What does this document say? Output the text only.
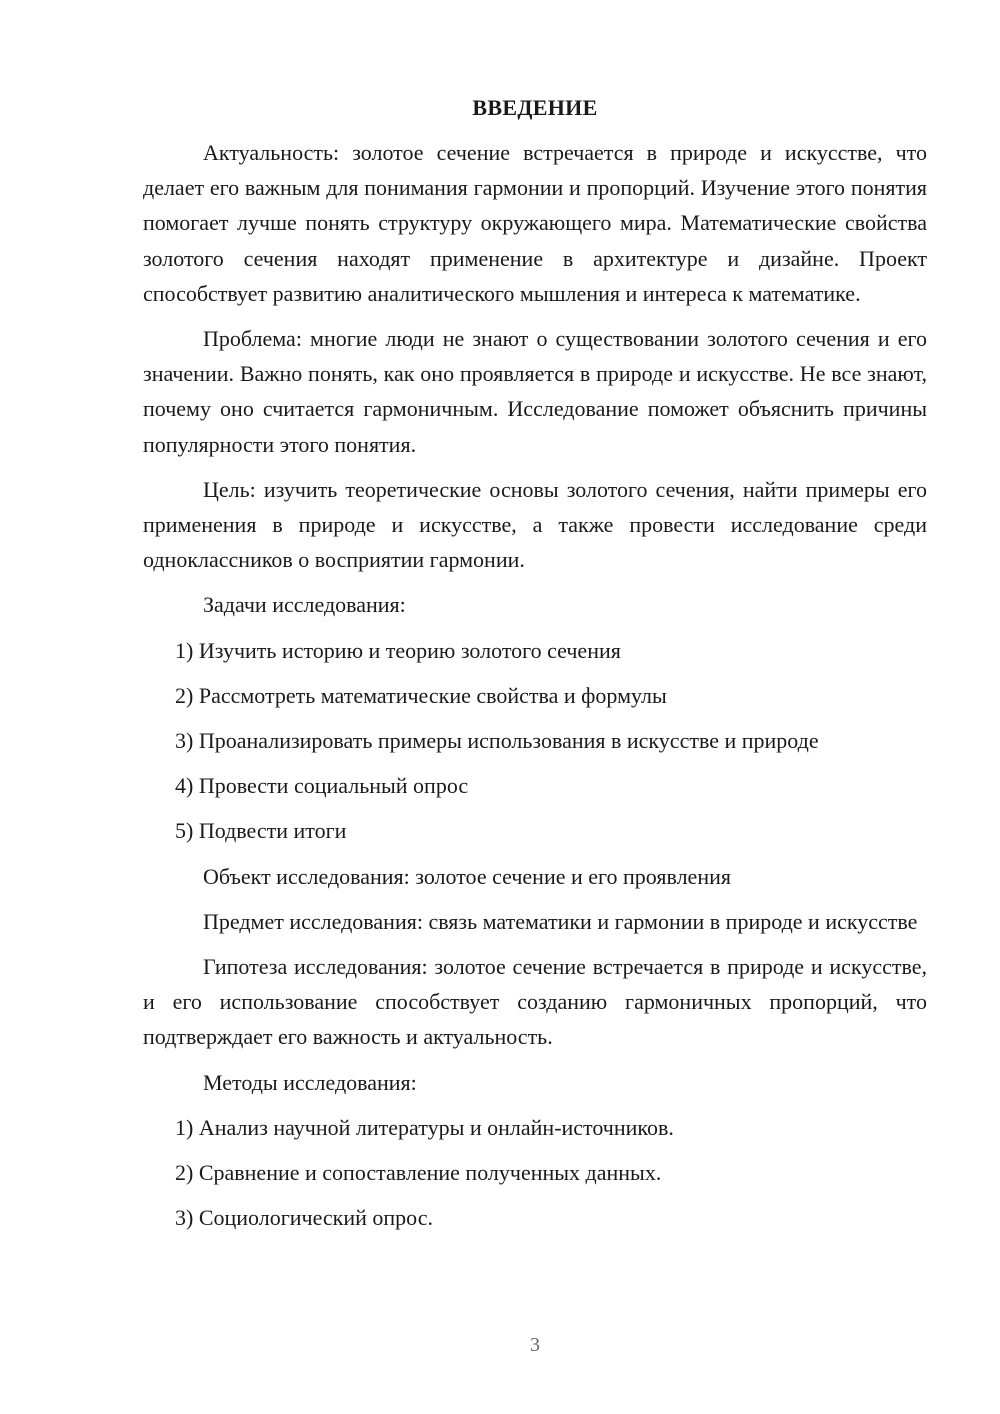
ВВЕДЕНИЕ

Актуальность: золотое сечение встречается в природе и искусстве, что делает его важным для понимания гармонии и пропорций. Изучение этого понятия помогает лучше понять структуру окружающего мира. Математические свойства золотого сечения находят применение в архитектуре и дизайне. Проект способствует развитию аналитического мышления и интереса к математике.

Проблема: многие люди не знают о существовании золотого сечения и его значении. Важно понять, как оно проявляется в природе и искусстве. Не все знают, почему оно считается гармоничным. Исследование поможет объяснить причины популярности этого понятия.

Цель: изучить теоретические основы золотого сечения, найти примеры его применения в природе и искусстве, а также провести исследование среди одноклассников о восприятии гармонии.

Задачи исследования:

1) Изучить историю и теорию золотого сечения
2) Рассмотреть математические свойства и формулы
3) Проанализировать примеры использования в искусстве и природе
4) Провести социальный опрос
5) Подвести итоги

Объект исследования: золотое сечение и его проявления

Предмет исследования: связь математики и гармонии в природе и искусстве

Гипотеза исследования: золотое сечение встречается в природе и искусстве, и его использование способствует созданию гармоничных пропорций, что подтверждает его важность и актуальность.

Методы исследования:

1) Анализ научной литературы и онлайн-источников.
2) Сравнение и сопоставление полученных данных.
3) Социологический опрос.
3
